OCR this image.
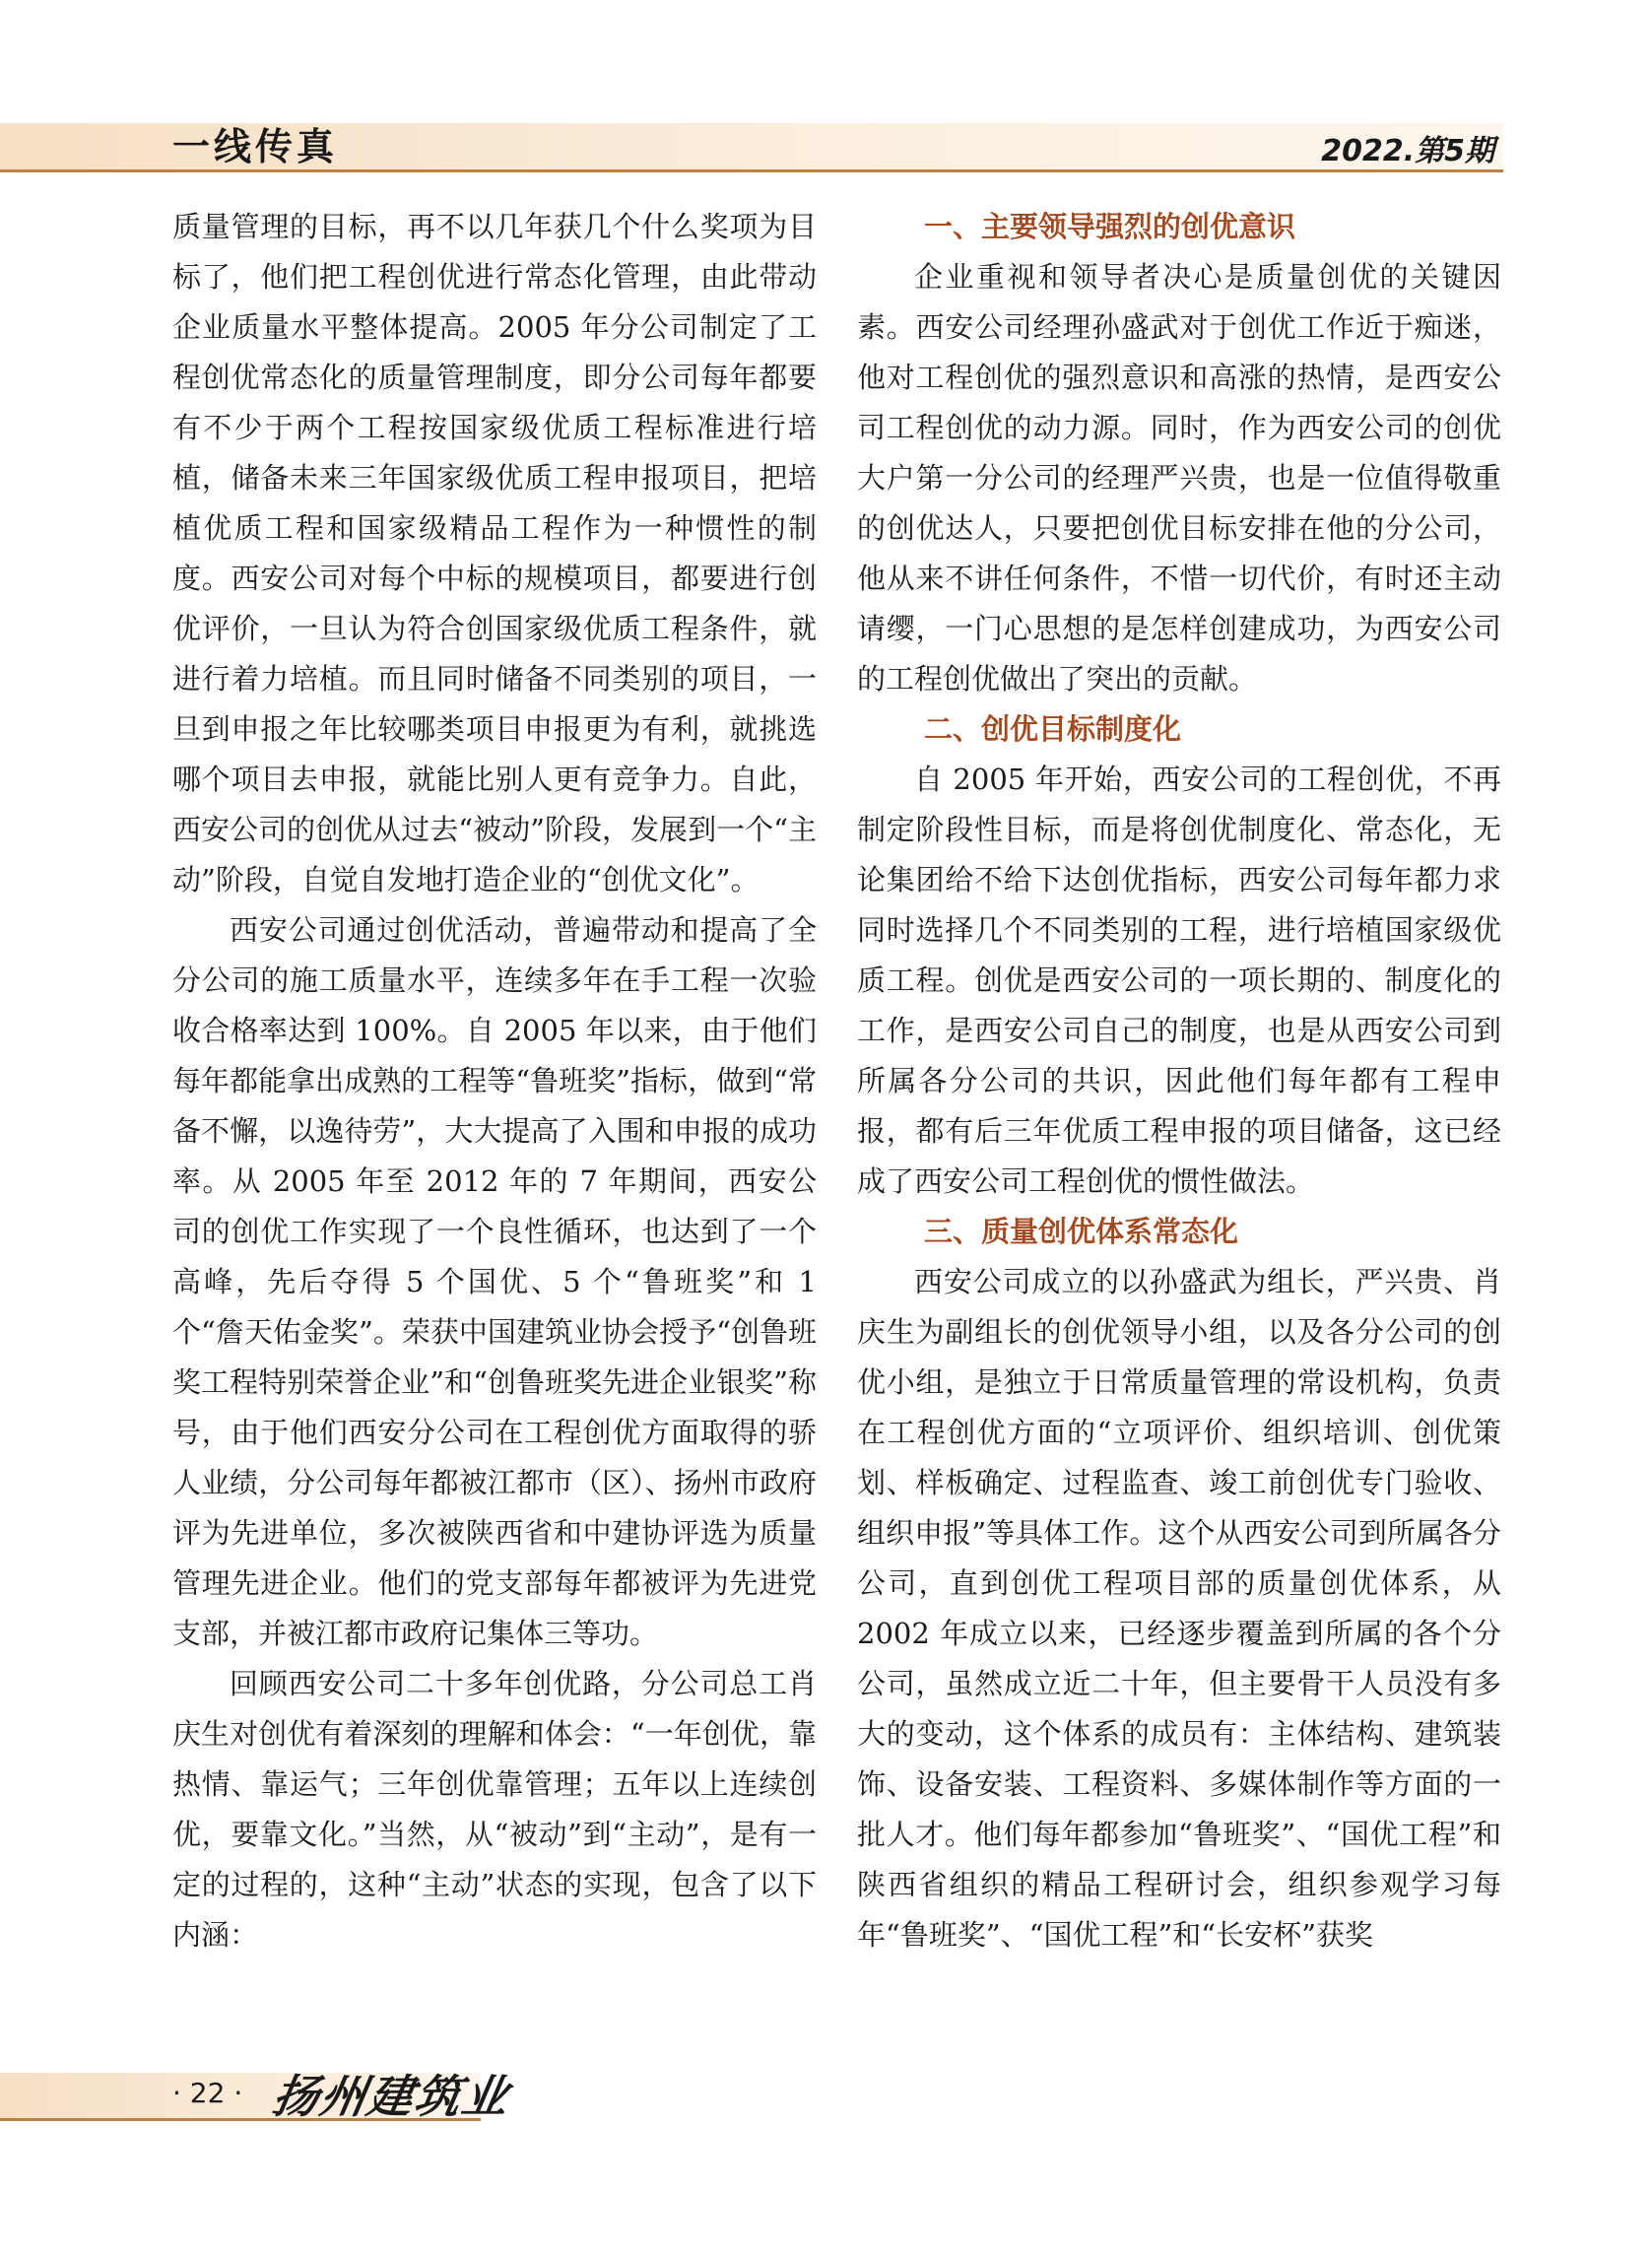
一线传真	2022.第5期

质量管理的目标，再不以几年获几个什么奖项为目标了，他们把工程创优进行常态化管理，由此带动企业质量水平整体提高。2005 年分公司制定了工程创优常态化的质量管理制度，即分公司每年都要有不少于两个工程按国家级优质工程标准进行培植，储备未来三年国家级优质工程申报项目，把培植优质工程和国家级精品工程作为一种惯性的制度。西安公司对每个中标的规模项目，都要进行创优评价，一旦认为符合创国家级优质工程条件，就进行着力培植。而且同时储备不同类别的项目，一旦到申报之年比较哪类项目申报更为有利，就挑选哪个项目去申报，就能比别人更有竞争力。自此，西安公司的创优从过去“被动”阶段，发展到一个“主动”阶段，自觉自发地打造企业的“创优文化”。

西安公司通过创优活动，普遍带动和提高了全分公司的施工质量水平，连续多年在手工程一次验收合格率达到 100%。自 2005 年以来，由于他们每年都能拿出成熟的工程等“鲁班奖”指标，做到“常备不懈，以逸待劳”，大大提高了入围和申报的成功率。从 2005 年至 2012 年的 7 年期间，西安公司的创优工作实现了一个良性循环，也达到了一个高峰，先后夺得 5 个国优、5 个“鲁班奖”和 1 个“詹天佑金奖”。荣获中国建筑业协会授予“创鲁班奖工程特别荣誉企业”和“创鲁班奖先进企业银奖”称号，由于他们西安分公司在工程创优方面取得的骄人业绩，分公司每年都被江都市（区）、扬州市政府评为先进单位，多次被陕西省和中建协评选为质量管理先进企业。他们的党支部每年都被评为先进党支部，并被江都市政府记集体三等功。

回顾西安公司二十多年创优路，分公司总工肖庆生对创优有着深刻的理解和体会：“一年创优，靠热情、靠运气；三年创优靠管理；五年以上连续创优，要靠文化。”当然，从“被动”到“主动”，是有一定的过程的，这种“主动”状态的实现，包含了以下内涵：

一、主要领导强烈的创优意识

企业重视和领导者决心是质量创优的关键因素。西安公司经理孙盛武对于创优工作近于痴迷，他对工程创优的强烈意识和高涨的热情，是西安公司工程创优的动力源。同时，作为西安公司的创优大户第一分公司的经理严兴贵，也是一位值得敬重的创优达人，只要把创优目标安排在他的分公司，他从来不讲任何条件，不惜一切代价，有时还主动请缨，一门心思想的是怎样创建成功，为西安公司的工程创优做出了突出的贡献。

二、创优目标制度化

自 2005 年开始，西安公司的工程创优，不再制定阶段性目标，而是将创优制度化、常态化，无论集团给不给下达创优指标，西安公司每年都力求同时选择几个不同类别的工程，进行培植国家级优质工程。创优是西安公司的一项长期的、制度化的工作，是西安公司自己的制度，也是从西安公司到所属各分公司的共识，因此他们每年都有工程申报，都有后三年优质工程申报的项目储备，这已经成了西安公司工程创优的惯性做法。

三、质量创优体系常态化

西安公司成立的以孙盛武为组长，严兴贵、肖庆生为副组长的创优领导小组，以及各分公司的创优小组，是独立于日常质量管理的常设机构，负责在工程创优方面的“立项评价、组织培训、创优策划、样板确定、过程监查、竣工前创优专门验收、组织申报”等具体工作。这个从西安公司到所属各分公司，直到创优工程项目部的质量创优体系，从 2002 年成立以来，已经逐步覆盖到所属的各个分公司，虽然成立近二十年，但主要骨干人员没有多大的变动，这个体系的成员有：主体结构、建筑装饰、设备安装、工程资料、多媒体制作等方面的一批人才。他们每年都参加“鲁班奖”、“国优工程”和陕西省组织的精品工程研讨会，组织参观学习每年“鲁班奖”、“国优工程”和“长安杯”获奖

· 22 · 扬州建筑业
